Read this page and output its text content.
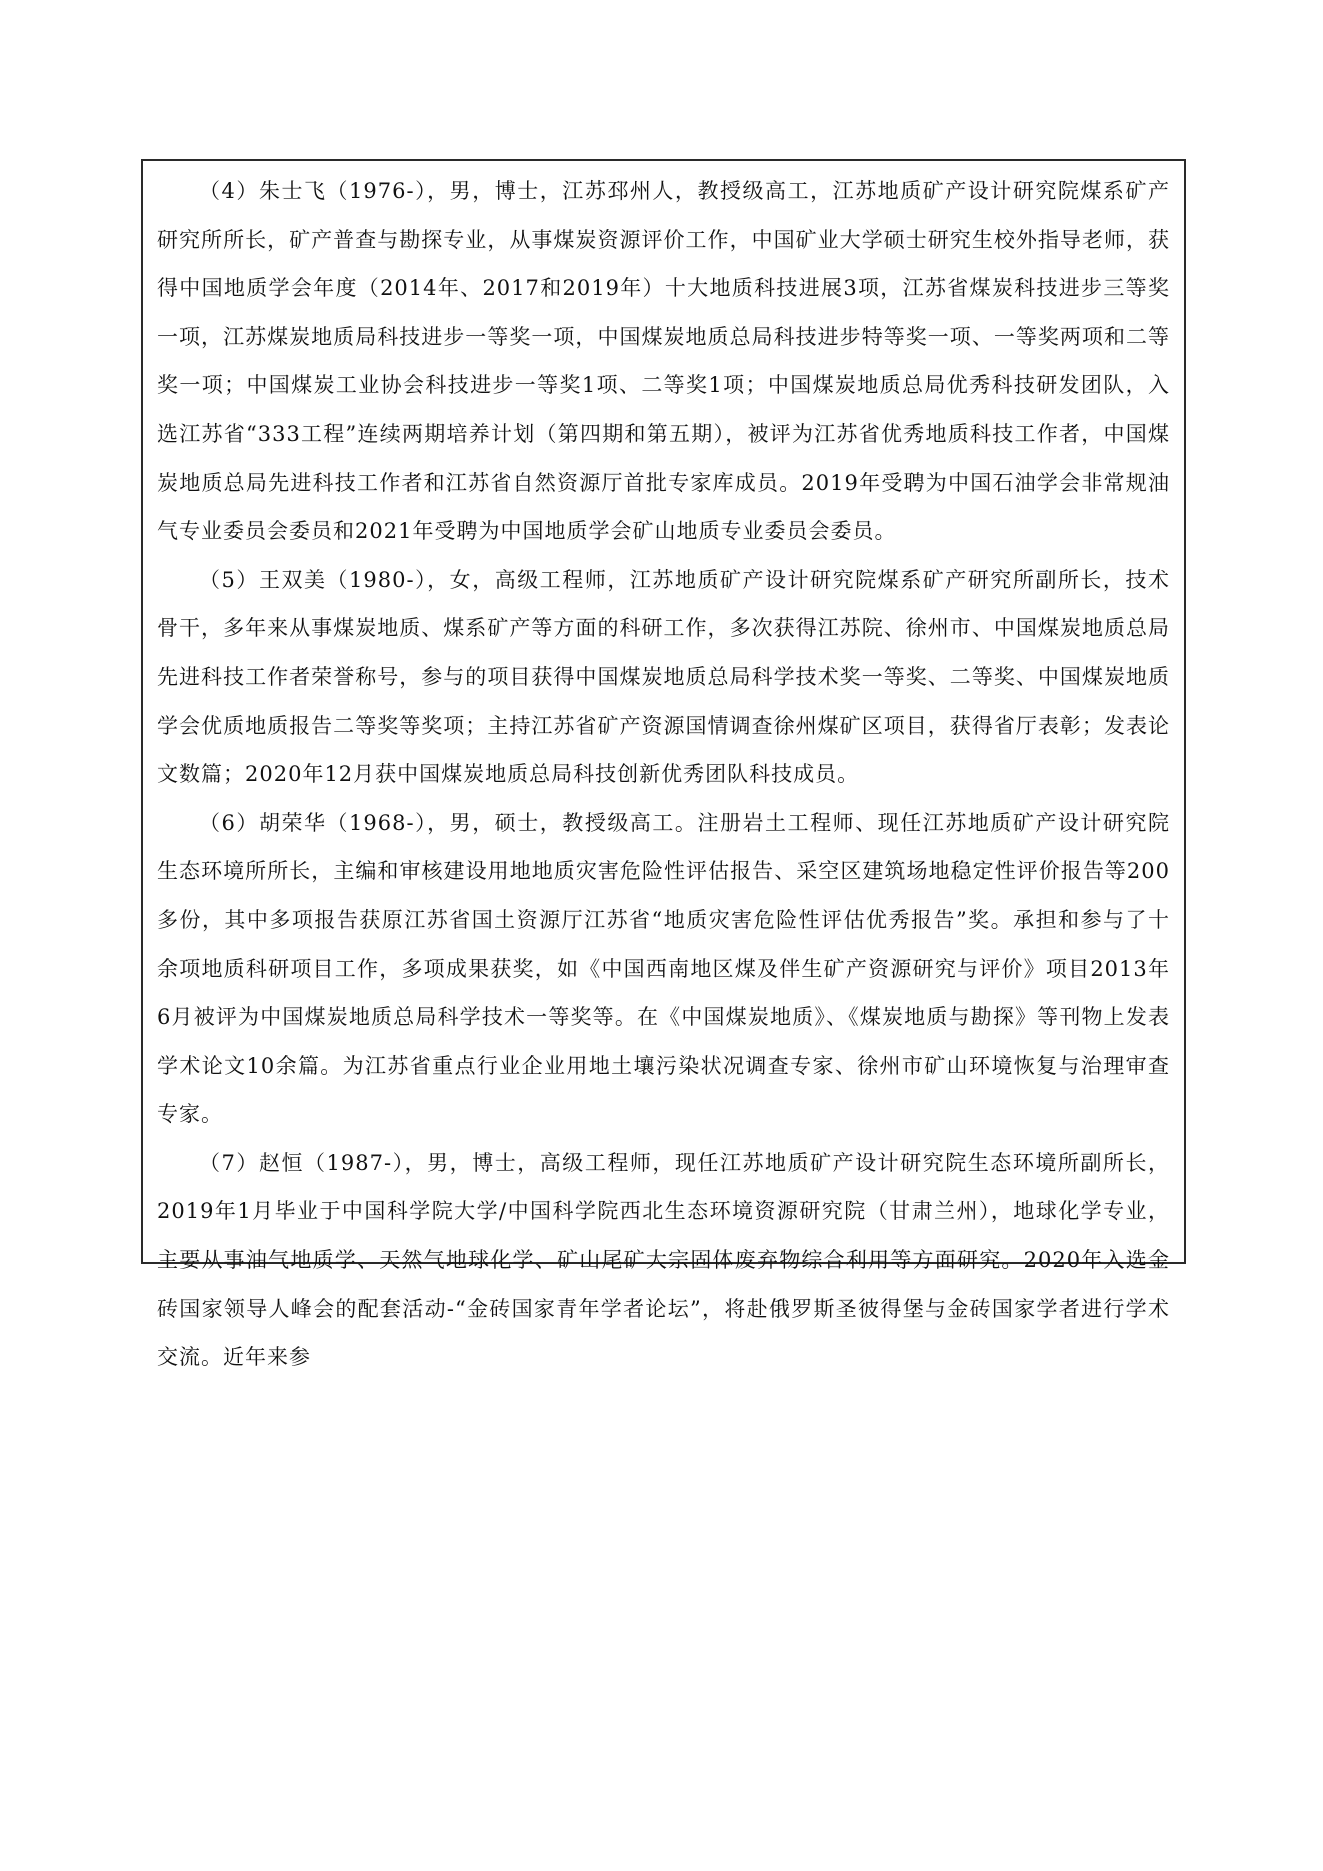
（4）朱士飞（1976-），男，博士，江苏邳州人，教授级高工，江苏地质矿产设计研究院煤系矿产研究所所长，矿产普查与勘探专业，从事煤炭资源评价工作，中国矿业大学硕士研究生校外指导老师，获得中国地质学会年度（2014年、2017和2019年）十大地质科技进展3项，江苏省煤炭科技进步三等奖一项，江苏煤炭地质局科技进步一等奖一项，中国煤炭地质总局科技进步特等奖一项、一等奖两项和二等奖一项；中国煤炭工业协会科技进步一等奖1项、二等奖1项；中国煤炭地质总局优秀科技研发团队，入选江苏省“333工程”连续两期培养计划（第四期和第五期），被评为江苏省优秀地质科技工作者，中国煤炭地质总局先进科技工作者和江苏省自然资源厅首批专家库成员。2019年受聘为中国石油学会非常规油气专业委员会委员和2021年受聘为中国地质学会矿山地质专业委员会委员。

（5）王双美（1980-），女，高级工程师，江苏地质矿产设计研究院煤系矿产研究所副所长，技术骨干，多年来从事煤炭地质、煤系矿产等方面的科研工作，多次获得江苏院、徐州市、中国煤炭地质总局先进科技工作者荣誉称号，参与的项目获得中国煤炭地质总局科学技术奖一等奖、二等奖、中国煤炭地质学会优质地质报告二等奖等奖项；主持江苏省矿产资源国情调查徐州煤矿区项目，获得省厅表彰；发表论文数篇；2020年12月获中国煤炭地质总局科技创新优秀团队科技成员。

（6）胡荣华（1968-），男，硕士，教授级高工。注册岩土工程师、现任江苏地质矿产设计研究院生态环境所所长，主编和审核建设用地地质灾害危险性评估报告、采空区建筑场地稳定性评价报告等200多份，其中多项报告获原江苏省国土资源厅江苏省“地质灾害危险性评估优秀报告”奖。承担和参与了十余项地质科研项目工作，多项成果获奖，如《中国西南地区煤及伴生矿产资源研究与评价》项目2013年6月被评为中国煤炭地质总局科学技术一等奖等。在《中国煤炭地质》、《煤炭地质与勘探》等刊物上发表学术论文10余篇。为江苏省重点行业企业用地土壤污染状况调查专家、徐州市矿山环境恢复与治理审查专家。

（7）赵恒（1987-），男，博士，高级工程师，现任江苏地质矿产设计研究院生态环境所副所长，2019年1月毕业于中国科学院大学/中国科学院西北生态环境资源研究院（甘肃兰州），地球化学专业，主要从事油气地质学、天然气地球化学、矿山尾矿大宗固体废弃物综合利用等方面研究。2020年入选金砖国家领导人峰会的配套活动-“金砖国家青年学者论坛”，将赴俄罗斯圣彼得堡与金砖国家学者进行学术交流。近年来参
